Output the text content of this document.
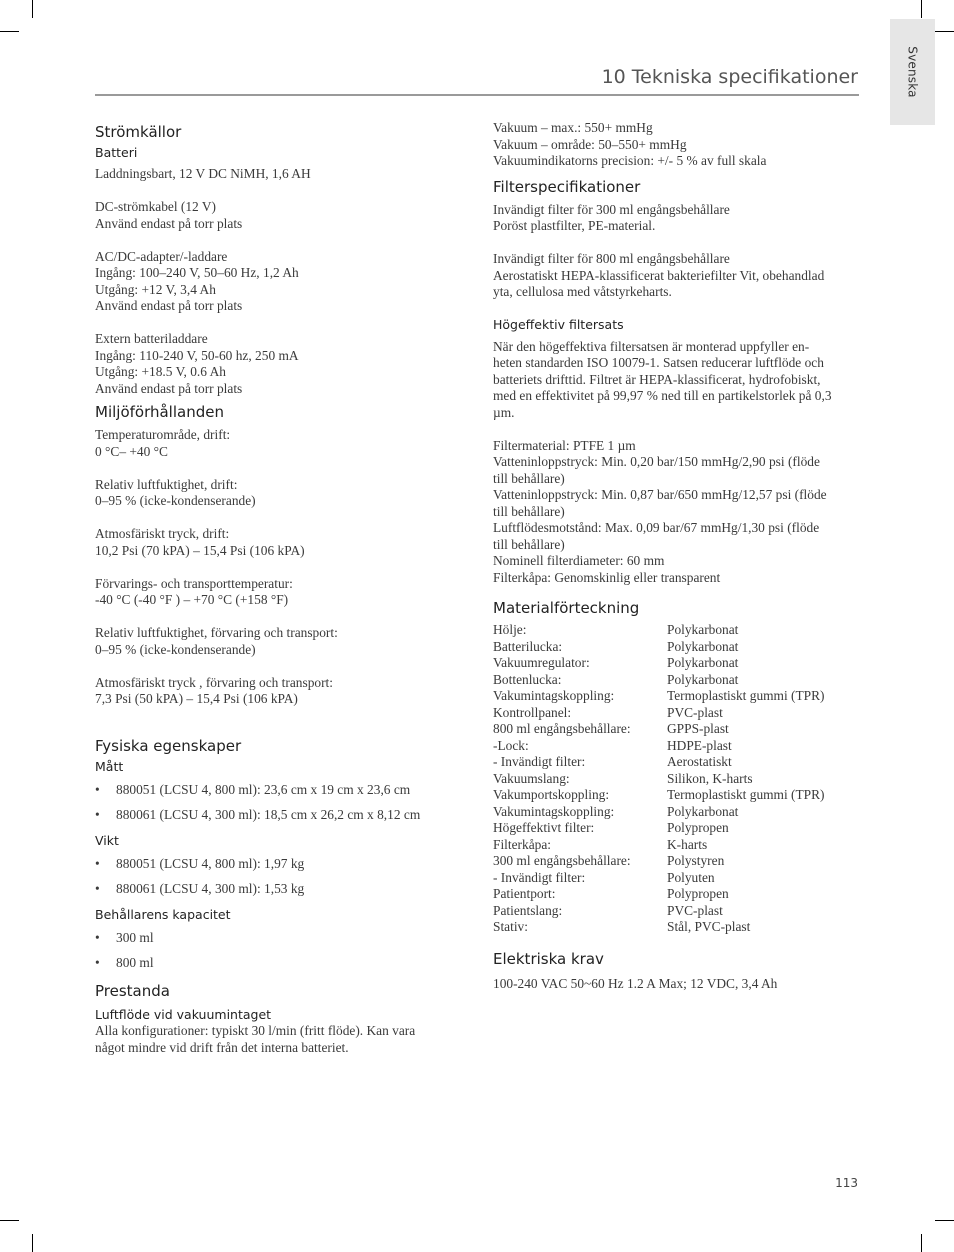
Svenska
10 Tekniska specifikationer
Strömkällor
Batteri

Laddningsbart, 12 V DC NiMH, 1,6 AH

DC-strömkabel (12 V)

Använd endast på torr plats

AC/DC-adapter/-laddare

Ingång: 100–240 V, 50–60 Hz, 1,2 Ah

Utgång: +12 V, 3,4 Ah

Använd endast på torr plats

Extern batteriladdare

Ingång: 110-240 V, 50-60 hz, 250 mA

Utgång: +18.5 V, 0.6 Ah

Använd endast på torr plats

Miljöförhållanden

Temperaturområde, drift:

0 °C– +40 °C

Relativ luftfuktighet, drift:

0–95 % (icke-kondenserande)

Atmosfäriskt tryck, drift:

10,2 Psi (70 kPA) – 15,4 Psi (106 kPA)

Förvarings- och transporttemperatur:

-40 °C (-40 °F ) – +70 °C (+158 °F)

Relativ luftfuktighet, förvaring och transport:

0–95 % (icke-kondenserande)

Atmosfäriskt tryck , förvaring och transport:

7,3 Psi (50 kPA) – 15,4 Psi (106 kPA)

Fysiska egenskaper
Mått
• 880051 (LCSU 4, 800 ml): 23,6 cm x 19 cm x 23,6 cm
• 880061 (LCSU 4, 300 ml): 18,5 cm x 26,2 cm x 8,12 cm
Vikt
• 880051 (LCSU 4, 800 ml): 1,97 kg
• 880061 (LCSU 4, 300 ml): 1,53 kg
Behållarens kapacitet
• 300 ml
• 800 ml
Prestanda
Luftflöde vid vakuumintaget

Alla konfigurationer: typiskt 30 l/min (fritt flöde). Kan vara

något mindre vid drift från det interna batteriet.

Vakuum – max.: 550+ mmHg

Vakuum – område: 50–550+ mmHg

Vakuumindikatorns precision: +/- 5 % av full skala

Filterspecifikationer

Invändigt filter för 300 ml engångsbehållare

Poröst plastfilter, PE-material.

Invändigt filter för 800 ml engångsbehållare

Aerostatiskt HEPA-klassificerat bakteriefilter Vit, obehandlad

yta, cellulosa med våtstyrkeharts.

Högeffektiv filtersats

När den högeffektiva filtersatsen är monterad uppfyller en-

heten standarden ISO 10079-1. Satsen reducerar luftflöde och

batteriets drifttid. Filtret är HEPA-klassificerat, hydrofobiskt,

med en effektivitet på 99,97 % ned till en partikelstorlek på 0,3

µm.

Filtermaterial: PTFE 1 µm

Vatteninloppstryck: Min. 0,20 bar/150 mmHg/2,90 psi (flöde

till behållare)

Vatteninloppstryck: Min. 0,87 bar/650 mmHg/12,57 psi (flöde

till behållare)

Luftflödesmotstånd: Max. 0,09 bar/67 mmHg/1,30 psi (flöde

till behållare)

Nominell filterdiameter: 60 mm

Filterkåpa: Genomskinlig eller transparent

Materialförteckning
Hölje:	Polykarbonat
Batterilucka:	Polykarbonat
Vakuumregulator:	Polykarbonat
Bottenlucka:	Polykarbonat
Vakumintagskoppling:	Termoplastiskt gummi (TPR)
Kontrollpanel:	PVC-plast
800 ml engångsbehållare:	GPPS-plast
-Lock:	HDPE-plast
- Invändigt filter:	Aerostatiskt
Vakuumslang:	Silikon, K-harts
Vakumportskoppling:	Termoplastiskt gummi (TPR)
Vakumintagskoppling:	Polykarbonat
Högeffektivt filter:	Polypropen
Filterkåpa:	K-harts
300 ml engångsbehållare:	Polystyren
- Invändigt filter:	Polyuten
Patientport:	Polypropen
Patientslang:	PVC-plast
Stativ:	Stål, PVC-plast
Elektriska krav

100-240 VAC 50~60 Hz 1.2 A Max; 12 VDC, 3,4 Ah

113
